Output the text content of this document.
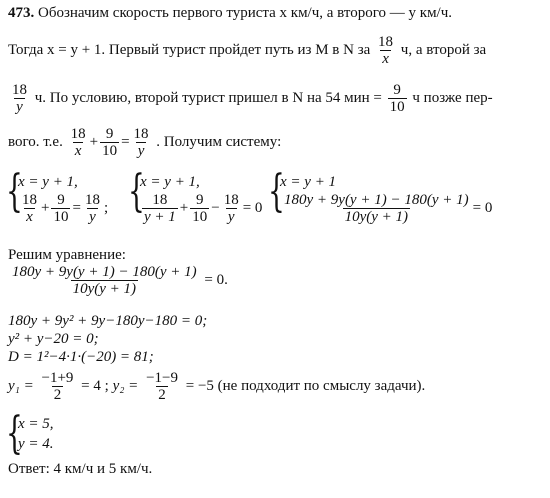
473. Обозначим скорость первого туриста x км/ч, а второго — y км/ч.
Тогда x = y + 1. Первый турист пройдет путь из M в N за $\frac{18}{x} ч$, а второй за
$\frac{18}{y} ч$. По условию, второй турист пришел в N на 54 мин = $\frac{9}{10}$ ч позже пер-
вого. т.е. $\frac{18}{x} + \frac{9}{10} = \frac{18}{y}$ . Получим систему:
{
x = y + 1,
$\frac{18}{x} + \frac{9}{10} = \frac{18}{y}$ ; {
x = y + 1,
$\frac{18}{y + 1} + \frac{9}{10} - \frac{18}{y} = 0$ {
x = y + 1
$\frac{180y + 9y(y + 1) - 180(y + 1)}{10y(y + 1)} = 0$
Решим уравнение:
$\frac{180y + 9y(y + 1) - 180(y + 1)}{10y(y + 1)} = 0$.
180y + 9y² + 9y−180y−180 = 0;
y² + y−20 = 0;
D = 1²−4·1·(−20) = 81;
$y_1 = \frac{-1+9}{2} = 4$ ; $y_2 = \frac{-1-9}{2} = -5$ (не подходит по смыслу задачи).
{
x = 5,
y = 4.
Ответ: 4 км/ч и 5 км/ч.
